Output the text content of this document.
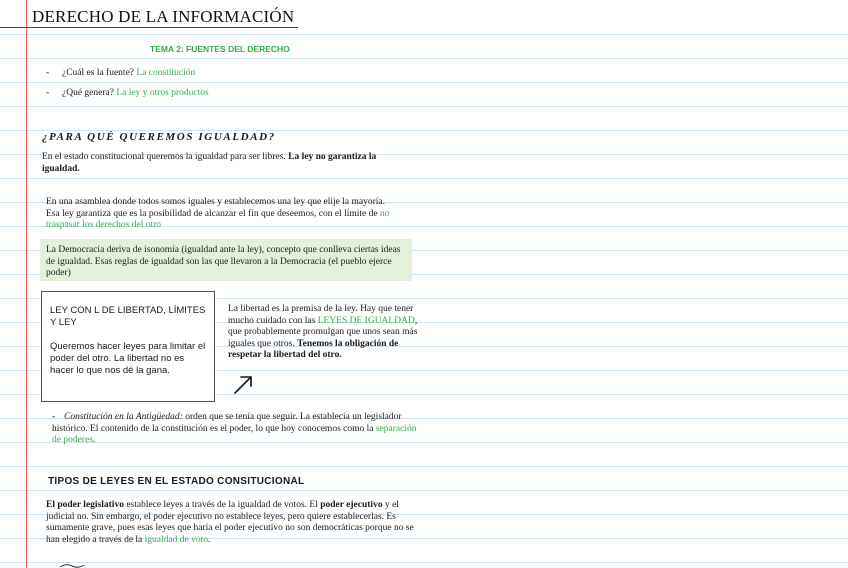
DERECHO DE LA INFORMACIÓN
TEMA 2: FUENTES DEL DERECHO
- ¿Cuál es la fuente? La constitución
- ¿Qué genera? La ley y otros productos
¿PARA QUÉ QUEREMOS IGUALDAD?
En el estado constitucional queremos la igualdad para ser libres. La ley no garantiza la igualdad.
En una asamblea donde todos somos iguales y establecemos una ley que elije la mayoría. Esa ley garantiza que es la posibilidad de alcanzar el fin que deseemos, con el límite de no traspasar los derechos del otro
La Democracia deriva de isonomía (igualdad ante la ley), concepto que conlleva ciertas ideas de igualdad. Esas reglas de igualdad son las que llevaron a la Democracia (el pueblo ejerce poder)
LEY CON L DE LIBERTAD, LÍMITES Y LEY
Queremos hacer leyes para limitar el poder del otro. La libertad no es hacer lo que nos dé la gana.
La libertad es la premisa de la ley. Hay que tener mucho cuidado con las LEYES DE IGUALDAD, que probablemente promulgan que unos sean más iguales que otros. Tenemos la obligación de respetar la libertad del otro.
- Constitución en la Antigüedad: orden que se tenía que seguir. La establecía un legislador histórico. El contenido de la constitución es el poder, lo que hoy conocemos como la separación de poderes.
TIPOS DE LEYES EN EL ESTADO CONSITUCIONAL
El poder legislativo establece leyes a través de la igualdad de votos. El poder ejecutivo y el judicial no. Sin embargo, el poder ejecutivo no establece leyes, pero quiere establecerlas. Es sumamente grave, pues esas leyes que haría el poder ejecutivo no son democráticas porque no se han elegido a través de la igualdad de voto.
